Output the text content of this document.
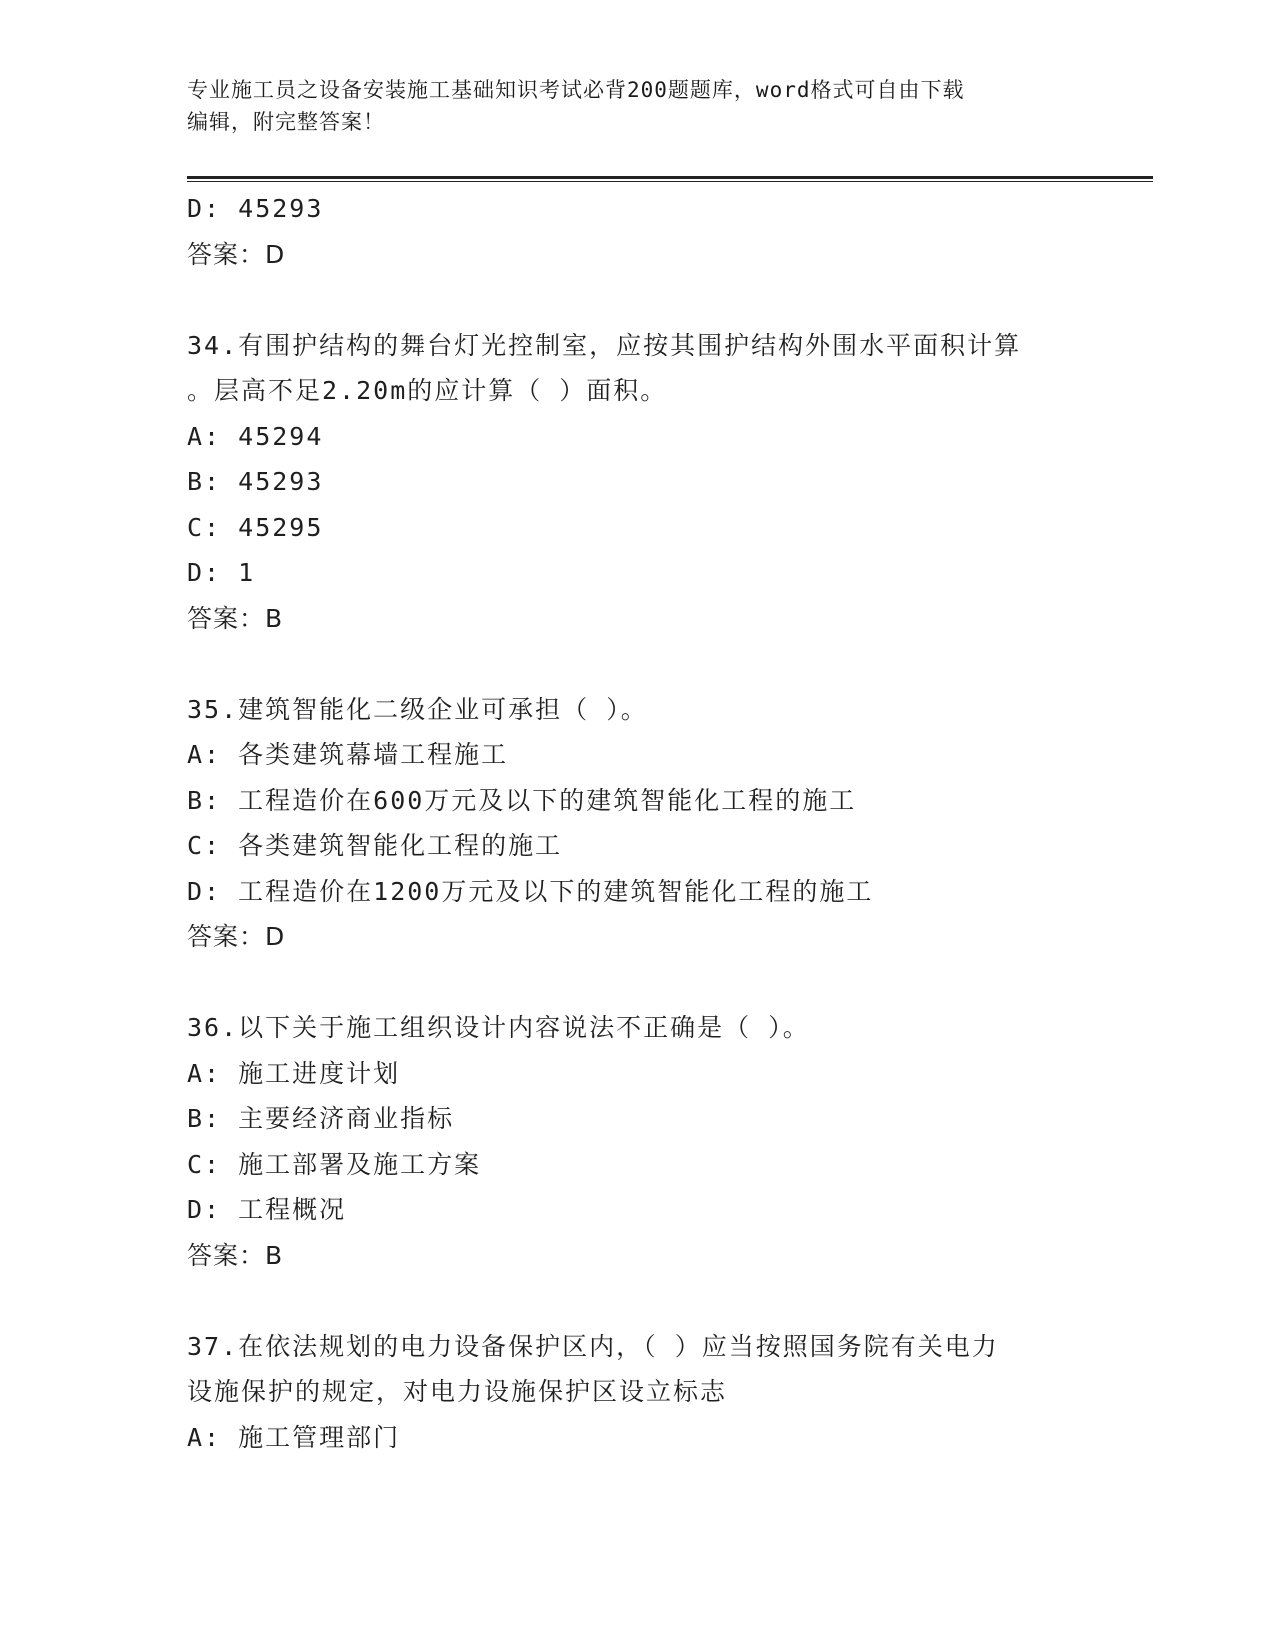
专业施工员之设备安装施工基础知识考试必背200题题库，word格式可自由下载
编辑，附完整答案！
D: 45293
答案：D
34.有围护结构的舞台灯光控制室，应按其围护结构外围水平面积计算
。层高不足2.20m的应计算（ ）面积。
A: 45294
B: 45293
C: 45295
D: 1
答案：B
35.建筑智能化二级企业可承担（ ）。
A: 各类建筑幕墙工程施工
B: 工程造价在600万元及以下的建筑智能化工程的施工
C: 各类建筑智能化工程的施工
D: 工程造价在1200万元及以下的建筑智能化工程的施工
答案：D
36.以下关于施工组织设计内容说法不正确是（ ）。
A: 施工进度计划
B: 主要经济商业指标
C: 施工部署及施工方案
D: 工程概况
答案：B
37.在依法规划的电力设备保护区内，（ ）应当按照国务院有关电力
设施保护的规定，对电力设施保护区设立标志
A: 施工管理部门
